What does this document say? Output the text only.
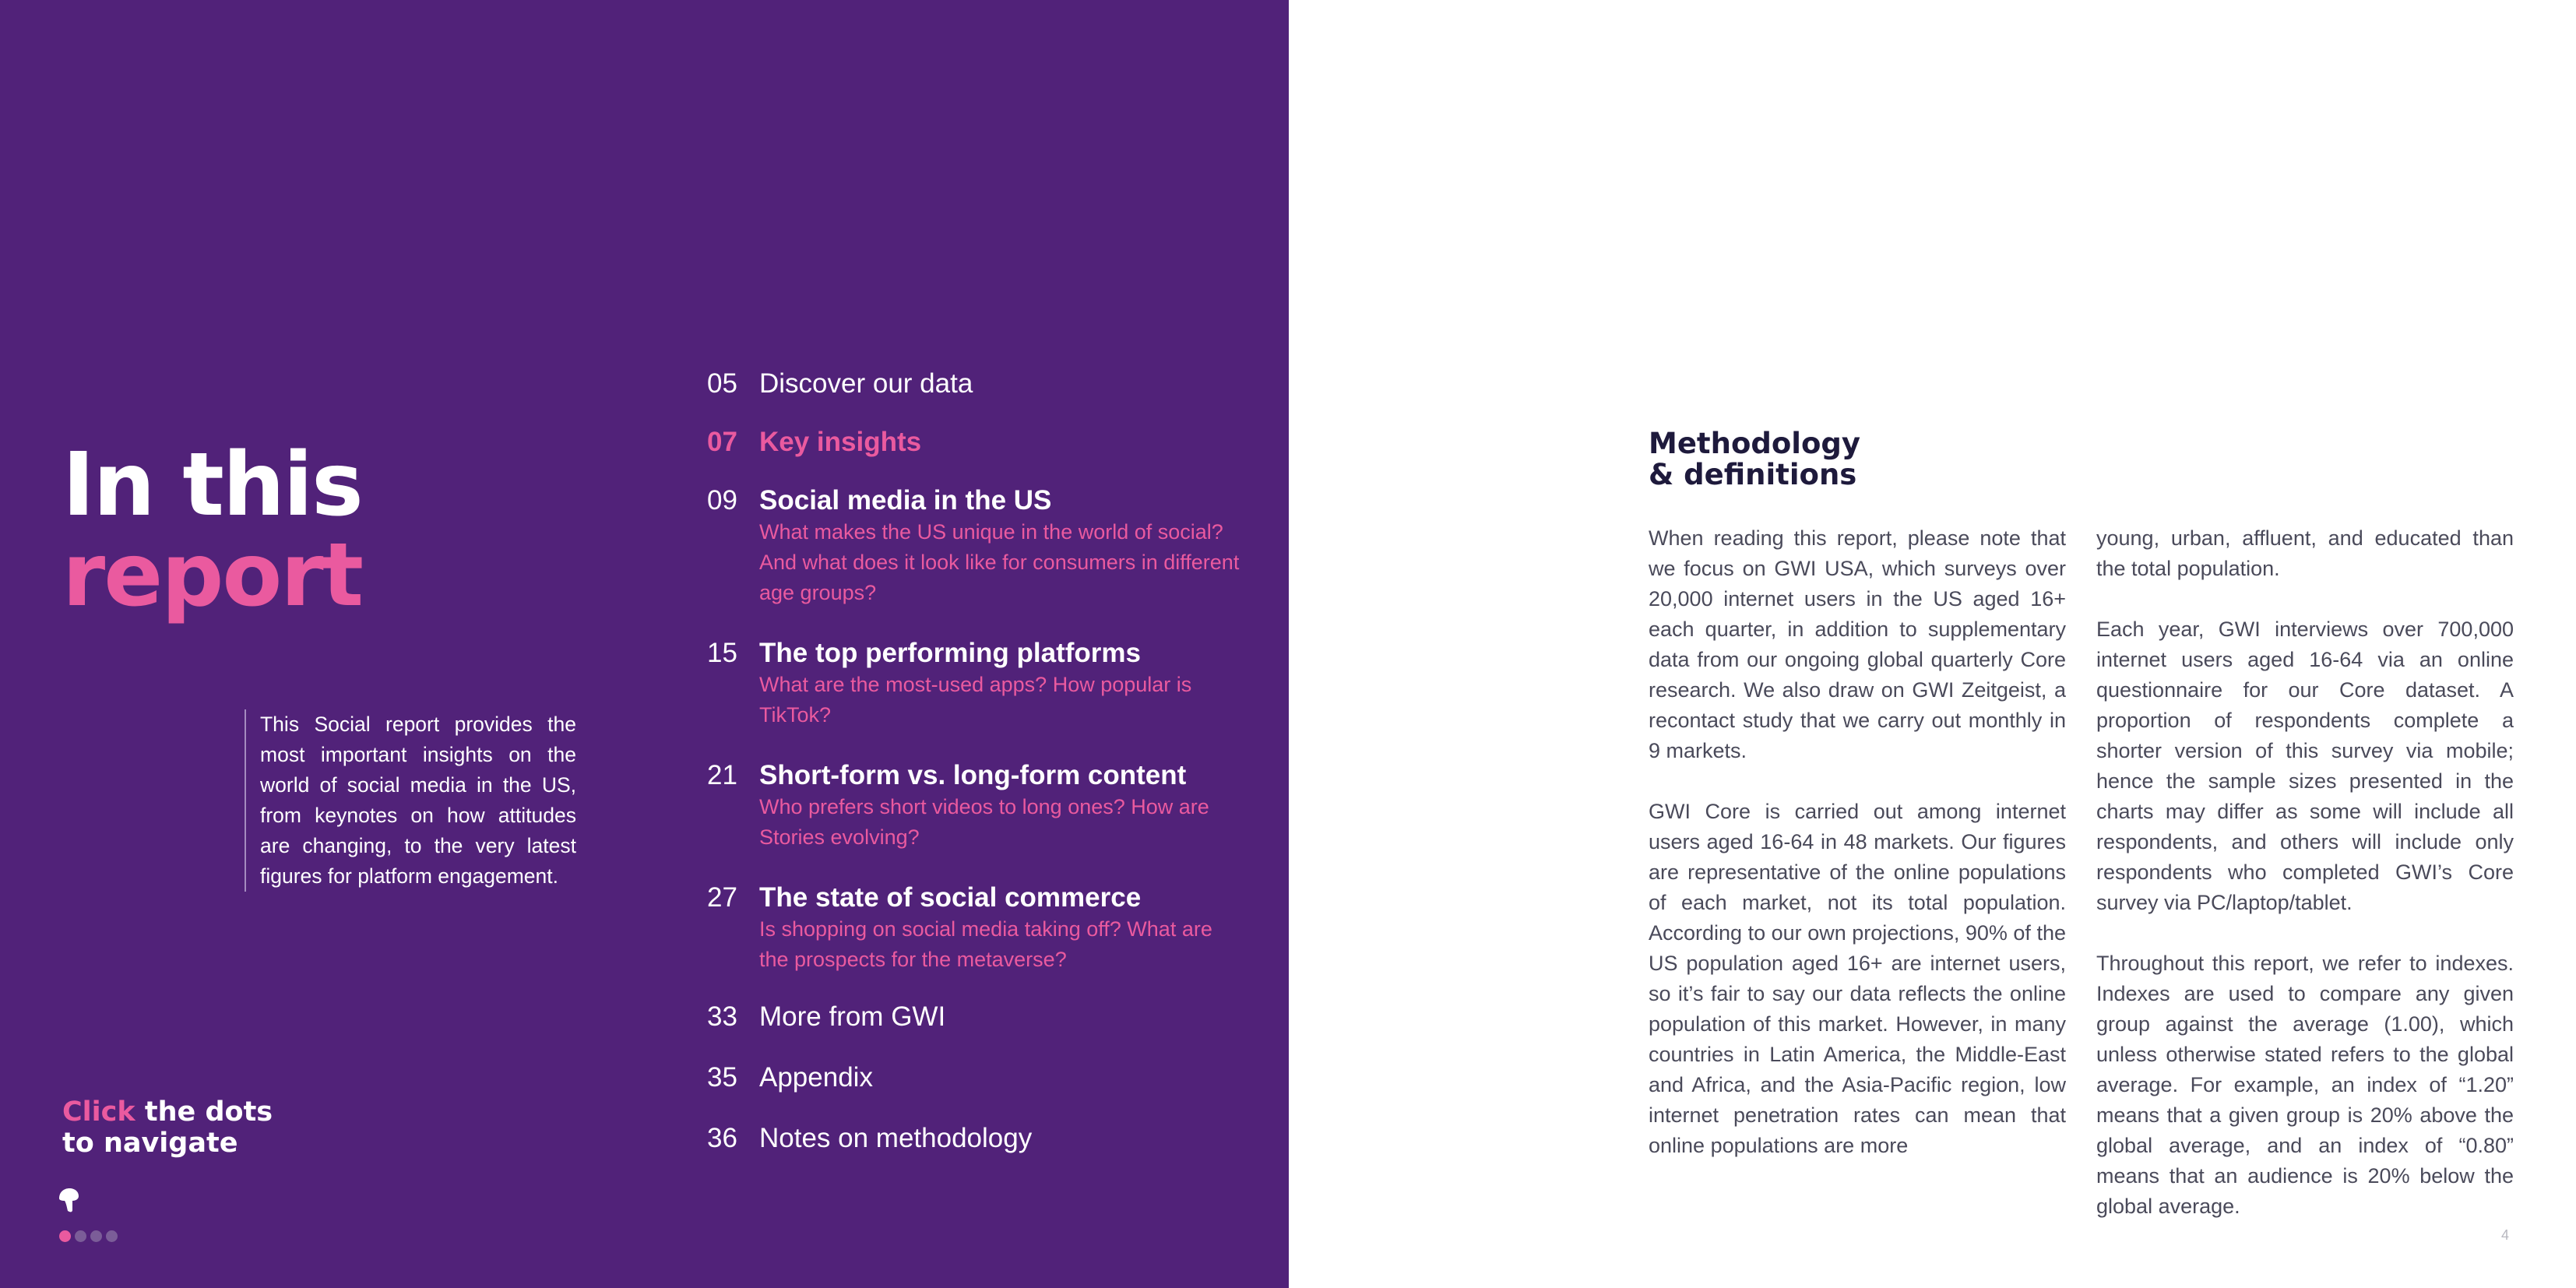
In this
report
This Social report provides the most important insights on the world of social media in the US, from keynotes on how attitudes are changing, to the very latest figures for platform engagement.
05 Discover our data
07 Key insights
09 Social media in the US
What makes the US unique in the world of social? And what does it look like for consumers in different age groups?
15 The top performing platforms
What are the most-used apps? How popular is TikTok?
21 Short-form vs. long-form content
Who prefers short videos to long ones? How are Stories evolving?
27 The state of social commerce
Is shopping on social media taking off? What are the prospects for the metaverse?
33 More from GWI
35 Appendix
36 Notes on methodology
Click the dots
to navigate
Methodology
& definitions

When reading this report, please note that we focus on GWI USA, which surveys over 20,000 internet users in the US aged 16+ each quarter, in addition to supplementary data from our ongoing global quarterly Core research. We also draw on GWI Zeitgeist, a recontact study that we carry out monthly in 9 markets.

GWI Core is carried out among internet users aged 16-64 in 48 markets. Our figures are representative of the online populations of each market, not its total population. According to our own projections, 90% of the US population aged 16+ are internet users, so it’s fair to say our data reflects the online population of this market. However, in many countries in Latin America, the Middle-East and Africa, and the Asia-Pacific region, low internet penetration rates can mean that online populations are more

young, urban, affluent, and educated than the total population.

Each year, GWI interviews over 700,000 internet users aged 16-64 via an online questionnaire for our Core dataset. A proportion of respondents complete a shorter version of this survey via mobile; hence the sample sizes presented in the charts may differ as some will include all respondents, and others will include only respondents who completed GWI’s Core survey via PC/laptop/tablet.

Throughout this report, we refer to indexes. Indexes are used to compare any given group against the average (1.00), which unless otherwise stated refers to the global average. For example, an index of “1.20” means that a given group is 20% above the global average, and an index of “0.80” means that an audience is 20% below the global average.

4
